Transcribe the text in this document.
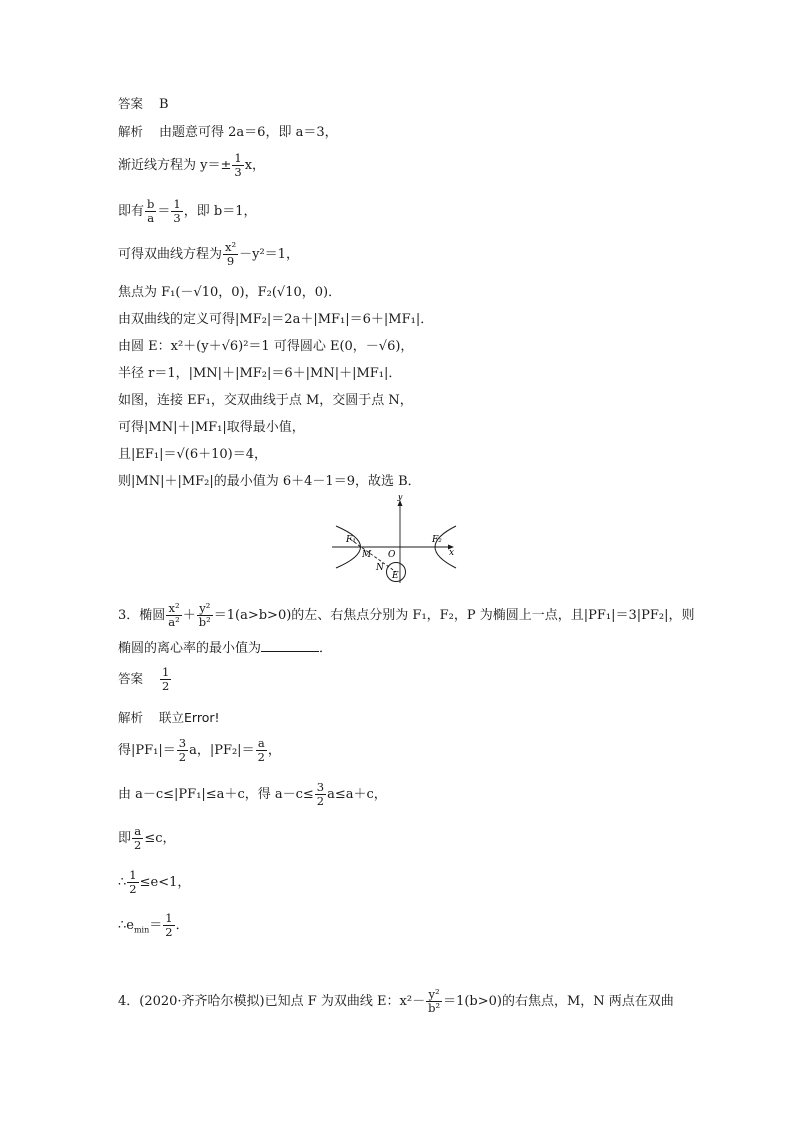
答案 B
解析 由题意可得 2a＝6，即 a＝3，
渐近线方程为 $y=\pm \frac{1}{3}$ x，
即有 $\frac{b}{a} = \frac{1}{3}$ ，即 b＝1，
可得双曲线方程为 $\frac{\text{x²}}{9} -y^2=1$，
焦点为 F₁(－√10，0)，F₂(√10，0)．
由双曲线的定义可得|MF₂|＝2a＋|MF₁|＝6＋|MF₁|．
由圆 E：x²＋(y＋√6)²＝1 可得圆心 E(0，－√6)，
半径 r＝1，|MN|＋|MF₂|＝6＋|MN|＋|MF₁|．
如图，连接 EF₁，交双曲线于点 M，交圆于点 N，
可得|MN|＋|MF₁|取得最小值，
且|EF₁|＝√(6＋10)＝4，
则|MN|＋|MF₂|的最小值为 6＋4－1＝9，故选 B．
y
x
O
F₁	F₂
M
N
E
3．椭圆 $\frac{\text{x²}}{\text{a²}} + \frac{\text{y²}}{\text{b²}} =1(a>b>0)$的左、右焦点分别为 F₁，F₂，P 为椭圆上一点，且|PF₁|＝3|PF₂|，则
椭圆的离心率的最小值为	．
答案 $\frac{1}{2}$
解析 联立Error!
得$|PF_1|= \frac{3}{2}$ a，$|PF_2|= \frac{a}{2}$ ，
由 a－c≤|PF₁|≤a＋c，得 $a-c\le \frac{3}{2} a\le a+c$，
即 $\frac{a}{2} \le c$，
∴ $\frac{1}{2} \le e<1$，
$\therefore e_{min}= \frac{1}{2}$ ．
4．(2020·齐齐哈尔模拟)已知点 F 为双曲线 E：$x^2- \frac{\text{y²}}{\text{b²}} =1(b>0)$的右焦点，M，N 两点在双曲
